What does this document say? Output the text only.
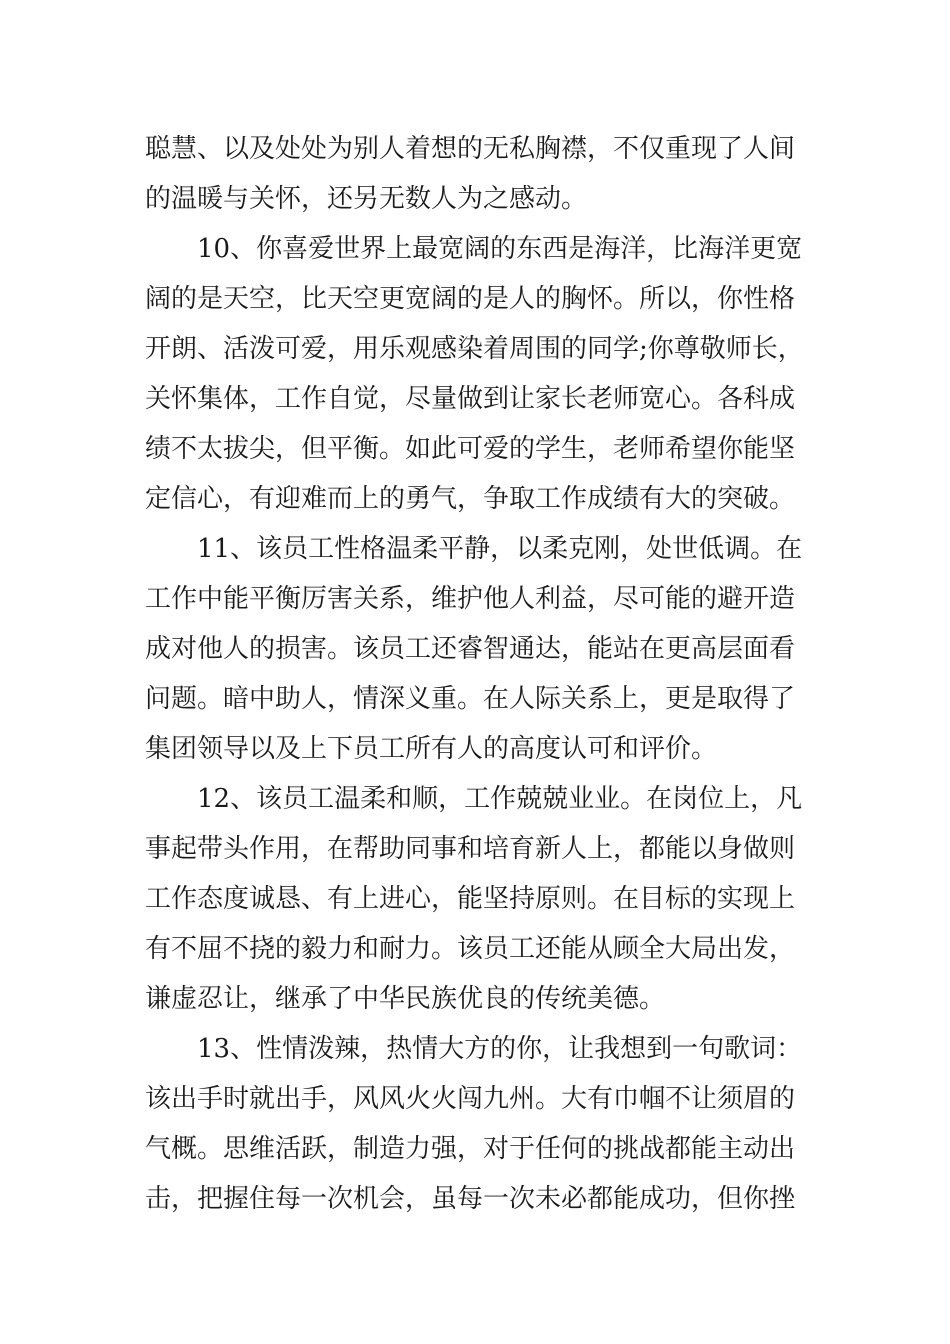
聪慧、以及处处为别人着想的无私胸襟，不仅重现了人间
的温暖与关怀，还另无数人为之感动。
10、你喜爱世界上最宽阔的东西是海洋，比海洋更宽
阔的是天空，比天空更宽阔的是人的胸怀。所以，你性格
开朗、活泼可爱，用乐观感染着周围的同学;你尊敬师长，
关怀集体，工作自觉，尽量做到让家长老师宽心。各科成
绩不太拔尖，但平衡。如此可爱的学生，老师希望你能坚
定信心，有迎难而上的勇气，争取工作成绩有大的突破。
11、该员工性格温柔平静，以柔克刚，处世低调。在
工作中能平衡厉害关系，维护他人利益，尽可能的避开造
成对他人的损害。该员工还睿智通达，能站在更高层面看
问题。暗中助人，情深义重。在人际关系上，更是取得了
集团领导以及上下员工所有人的高度认可和评价。
12、该员工温柔和顺，工作兢兢业业。在岗位上，凡
事起带头作用，在帮助同事和培育新人上，都能以身做则
工作态度诚恳、有上进心，能坚持原则。在目标的实现上
有不屈不挠的毅力和耐力。该员工还能从顾全大局出发，
谦虚忍让，继承了中华民族优良的传统美德。
13、性情泼辣，热情大方的你，让我想到一句歌词：
该出手时就出手，风风火火闯九州。大有巾帼不让须眉的
气概。思维活跃，制造力强，对于任何的挑战都能主动出
击，把握住每一次机会，虽每一次未必都能成功，但你挫
